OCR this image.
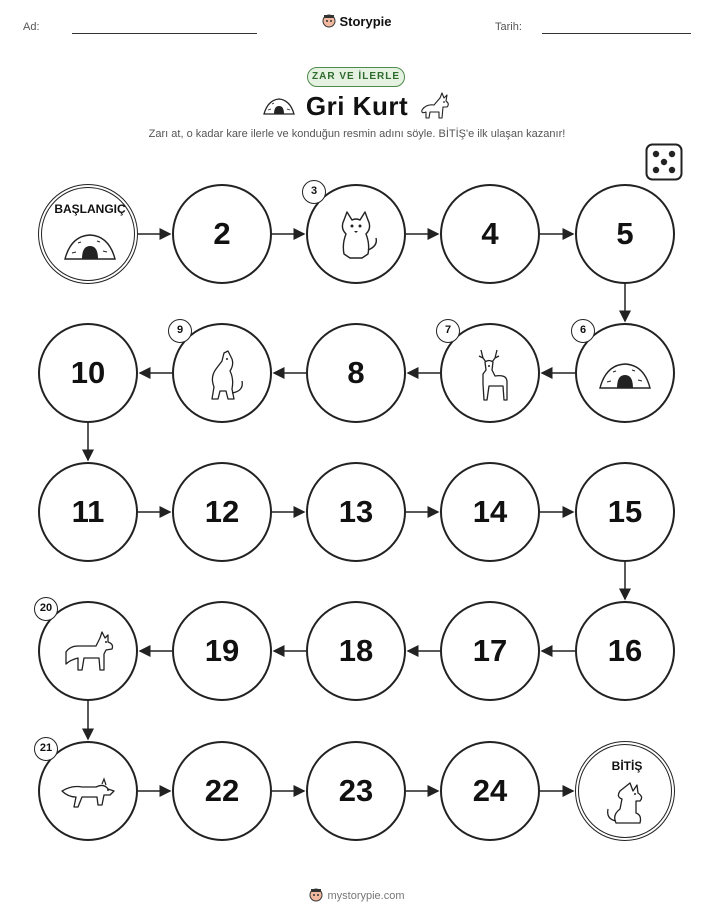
Ad:	Storypie	Tarih:
ZAR VE İLERLE
Gri Kurt
Zarı at, o kadar kare ilerle ve konduğun resmin adını söyle. BİTİŞ'e ilk ulaşan kazanır!
BAŞLANGIÇ
2
3
4	5
6
7
8
9
10
11	12	13	14	15
16
17
18
19
20
21
22	23	24
BİTİŞ
mystorypie.com
